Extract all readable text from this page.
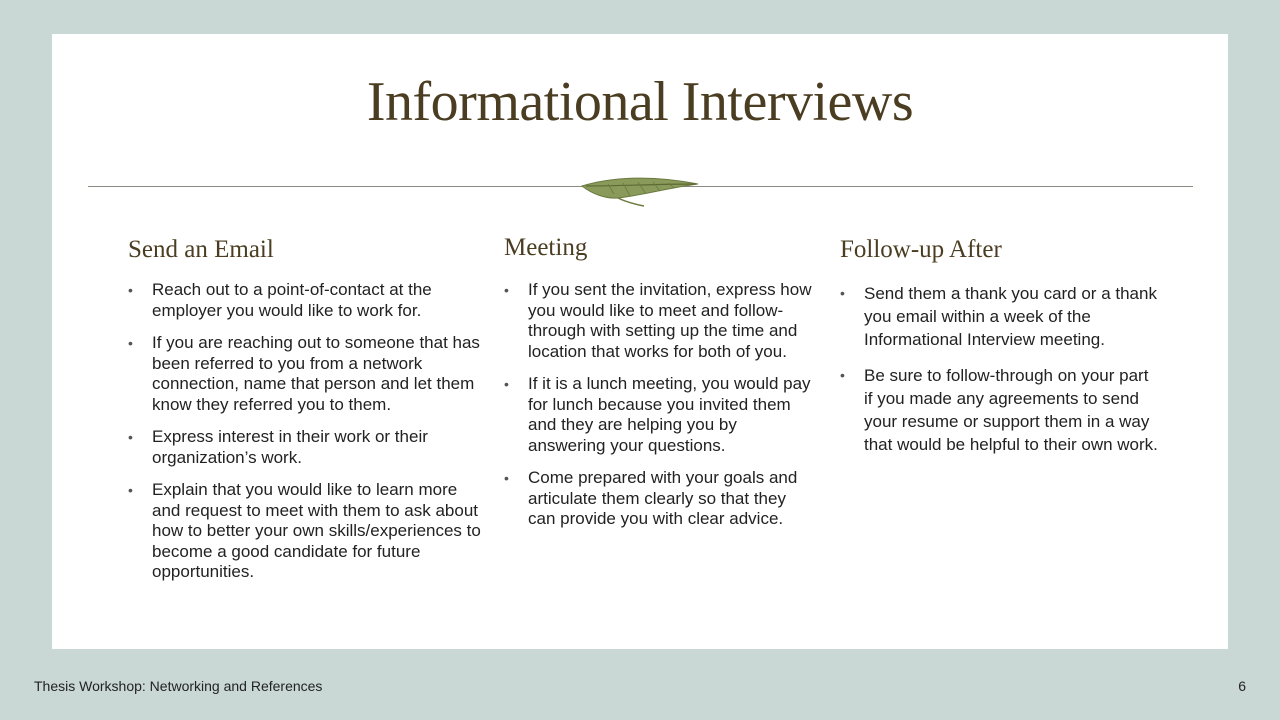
Informational Interviews
Send an Email
• Reach out to a point-of-contact at the employer you would like to work for.
• If you are reaching out to someone that has been referred to you from a network connection, name that person and let them know they referred you to them.
• Express interest in their work or their organization’s work.
• Explain that you would like to learn more and request to meet with them to ask about how to better your own skills/experiences to become a good candidate for future opportunities.
Meeting
• If you sent the invitation, express how you would like to meet and follow-through with setting up the time and location that works for both of you.
• If it is a lunch meeting, you would pay for lunch because you invited them and they are helping you by answering your questions.
• Come prepared with your goals and articulate them clearly so that they can provide you with clear advice.
Follow-up After
• Send them a thank you card or a thank you email within a week of the Informational Interview meeting.
• Be sure to follow-through on your part if you made any agreements to send your resume or support them in a way that would be helpful to their own work.
Thesis Workshop: Networking and References	6
